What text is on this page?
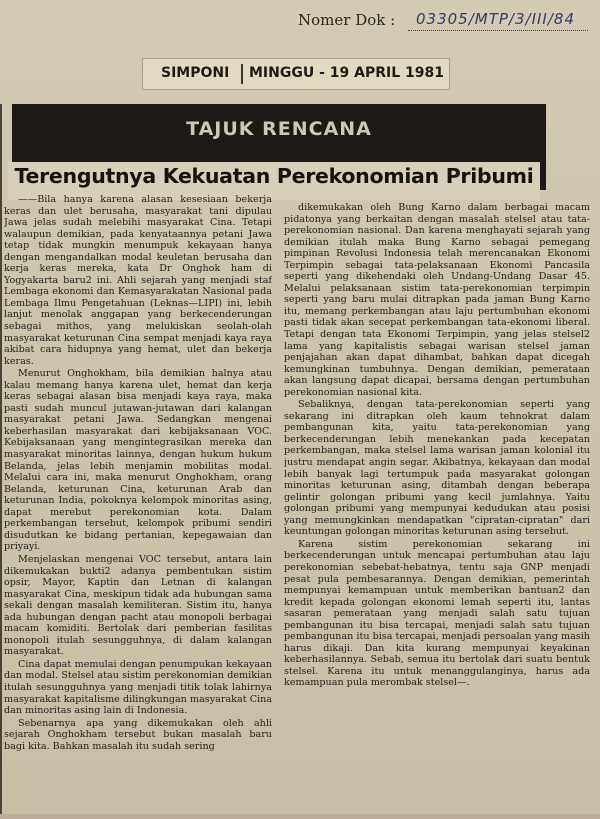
Nomer Dok : 03305/MTP/3/III/84
SIMPONI MINGGU - 19 APRIL 1981
TAJUK RENCANA
Terengutnya Kekuatan Perekonomian Pribumi

——Bila hanya karena alasan kesesiaan bekerja keras dan ulet berusaha, masyarakat tani dipulau Jawa jelas sudah melebihi masyarakat Cina. Tetapi walaupun demikian, pada kenyataannya petani Jawa tetap tidak mungkin menumpuk kekayaan hanya dengan mengandalkan modal keuletan berusaha dan kerja keras mereka, kata Dr Onghok ham di Yogyakarta baru2 ini. Ahli sejarah yang menjadi staf Lembaga ekonomi dan Kemasyarakatan Nasional pada Lembaga Ilmu Pengetahuan (Leknas—LIPI) ini, lebih lanjut menolak anggapan yang berkecenderungan sebagai mithos, yang melukiskan seolah-olah masyarakat keturunan Cina sempat menjadi kaya raya akibat cara hidupnya yang hemat, ulet dan bekerja keras.

Menurut Onghokham, bila demikian halnya atau kalau memang hanya karena ulet, hemat dan kerja keras sebagai alasan bisa menjadi kaya raya, maka pasti sudah muncul jutawan-jutawan dari kalangan masyarakat petani Jawa. Sedangkan mengenai keberhasilan masyarakat dari kebijaksanaan VOC. Kebijaksanaan yang mengintegrasikan mereka dan masyarakat minoritas lainnya, dengan hukum hukum Belanda, jelas lebih menjamin mobilitas modal. Melalui cara ini, maka menurut Onghokham, orang Belanda, keturunan Cina, keturunan Arab dan keturunan India, pokoknya kelompok minoritas asing, dapat merebut perekonomian kota. Dalam perkembangan tersebut, kelompok pribumi sendiri disudutkan ke bidang pertanian, kepegawaian dan priyayi.

Menjelaskan mengenai VOC tersebut, antara lain dikemukakan bukti2 adanya pembentukan sistim opsir, Mayor, Kaptin dan Letnan di kalangan masyarakat Cina, meskipun tidak ada hubungan sama sekali dengan masalah kemiliteran. Sistim itu, hanya ada hubungan dengan pacht atau monopoli berbagai macam komiditi. Bertolak dari pemberian fasilitas monopoli itulah sesungguhnya, di dalam kalangan masyarakat.

Cina dapat memulai dengan penumpukan kekayaan dan modal. Stelsel atau sistim perekonomian demikian itulah sesungguhnya yang menjadi titik tolak lahirnya masyarakat kapitalisme dilingkungan masyarakat Cina dan minoritas asing lain di Indonesia.

Sebenarnya apa yang dikemukakan oleh ahli sejarah Onghokham tersebut bukan masalah baru bagi kita. Bahkan masalah itu sudah sering

dikemukakan oleh Bung Karno dalam berbagai macam pidatonya yang berkaitan dengan masalah stelsel atau tata-perekonomian nasional. Dan karena menghayati sejarah yang demikian itulah maka Bung Karno sebagai pemegang pimpinan Revolusi Indonesia telah merencanakan Ekonomi Terpimpin sebagai tata-pelaksanaan Ekonomi Pancasila seperti yang dikehendaki oleh Undang-Undang Dasar 45. Melalui pelaksanaan sistim tata-perekonomian terpimpin seperti yang baru mulai ditrapkan pada jaman Bung Karno itu, memang perkembangan atau laju pertumbuhan ekonomi pasti tidak akan secepat perkembangan tata-ekonomi liberal. Tetapi dengan tata Ekonomi Terpimpin, yang jelas stelsel2 lama yang kapitalistis sebagai warisan stelsel jaman penjajahan akan dapat dihambat, bahkan dapat dicegah kemungkinan tumbuhnya. Dengan demikian, pemerataan akan langsung dapat dicapai, bersama dengan pertumbuhan perekonomian nasional kita.

Sebaliknya, dengan tata-perekonomian seperti yang sekarang ini ditrapkan oleh kaum tehnokrat dalam pembangunan kita, yaitu tata-perekonomian yang berkecenderungan lebih menekankan pada kecepatan perkembangan, maka stelsel lama warisan jaman kolonial itu justru mendapat angin segar. Akibatnya, kekayaan dan modal lebih banyak lagi tertumpuk pada masyarakat golongan minoritas keturunan asing, ditambah dengan beberapa gelintir golongan pribumi yang kecil jumlahnya. Yaitu golongan pribumi yang mempunyai kedudukan atau posisi yang memungkinkan mendapatkan "cipratan-cipratan" dari keuntungan golongan minoritas keturunan asing tersebut.

Karena sistim perekonomian sekarang ini berkecenderungan untuk mencapai pertumbuhan atau laju perekonomian sebebat-hebatnya, tentu saja GNP menjadi pesat pula pembesarannya. Dengan demikian, pemerintah mempunyai kemampuan untuk memberikan bantuan2 dan kredit kepada golongan ekonomi lemah seperti itu, lantas sasaran pemerataan yang menjadi salah satu tujuan pembangunan itu bisa tercapai, menjadi salah satu tujuan pembangunan itu bisa tercapai, menjadi persoalan yang masih harus dikaji. Dan kita kurang mempunyai keyakinan keberhasilannya. Sebab, semua itu bertolak dari suatu bentuk stelsel. Karena itu untuk menanggulanginya, harus ada kemampuan pula merombak stelsel—.
